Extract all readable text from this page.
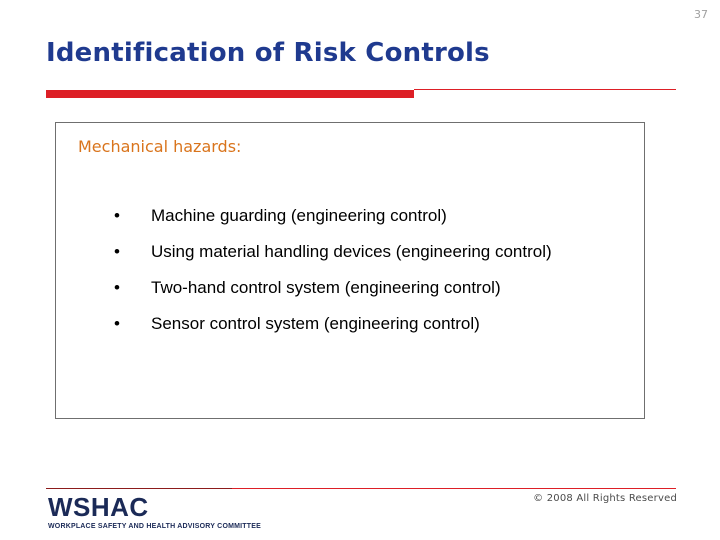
37
Identification of Risk Controls
Mechanical hazards:
•	Machine guarding (engineering control)
•	Using material handling devices (engineering control)
•	Two-hand control system (engineering control)
•	Sensor control system (engineering control)
WSHAC
WORKPLACE SAFETY AND HEALTH ADVISORY COMMITTEE
© 2008 All Rights Reserved
